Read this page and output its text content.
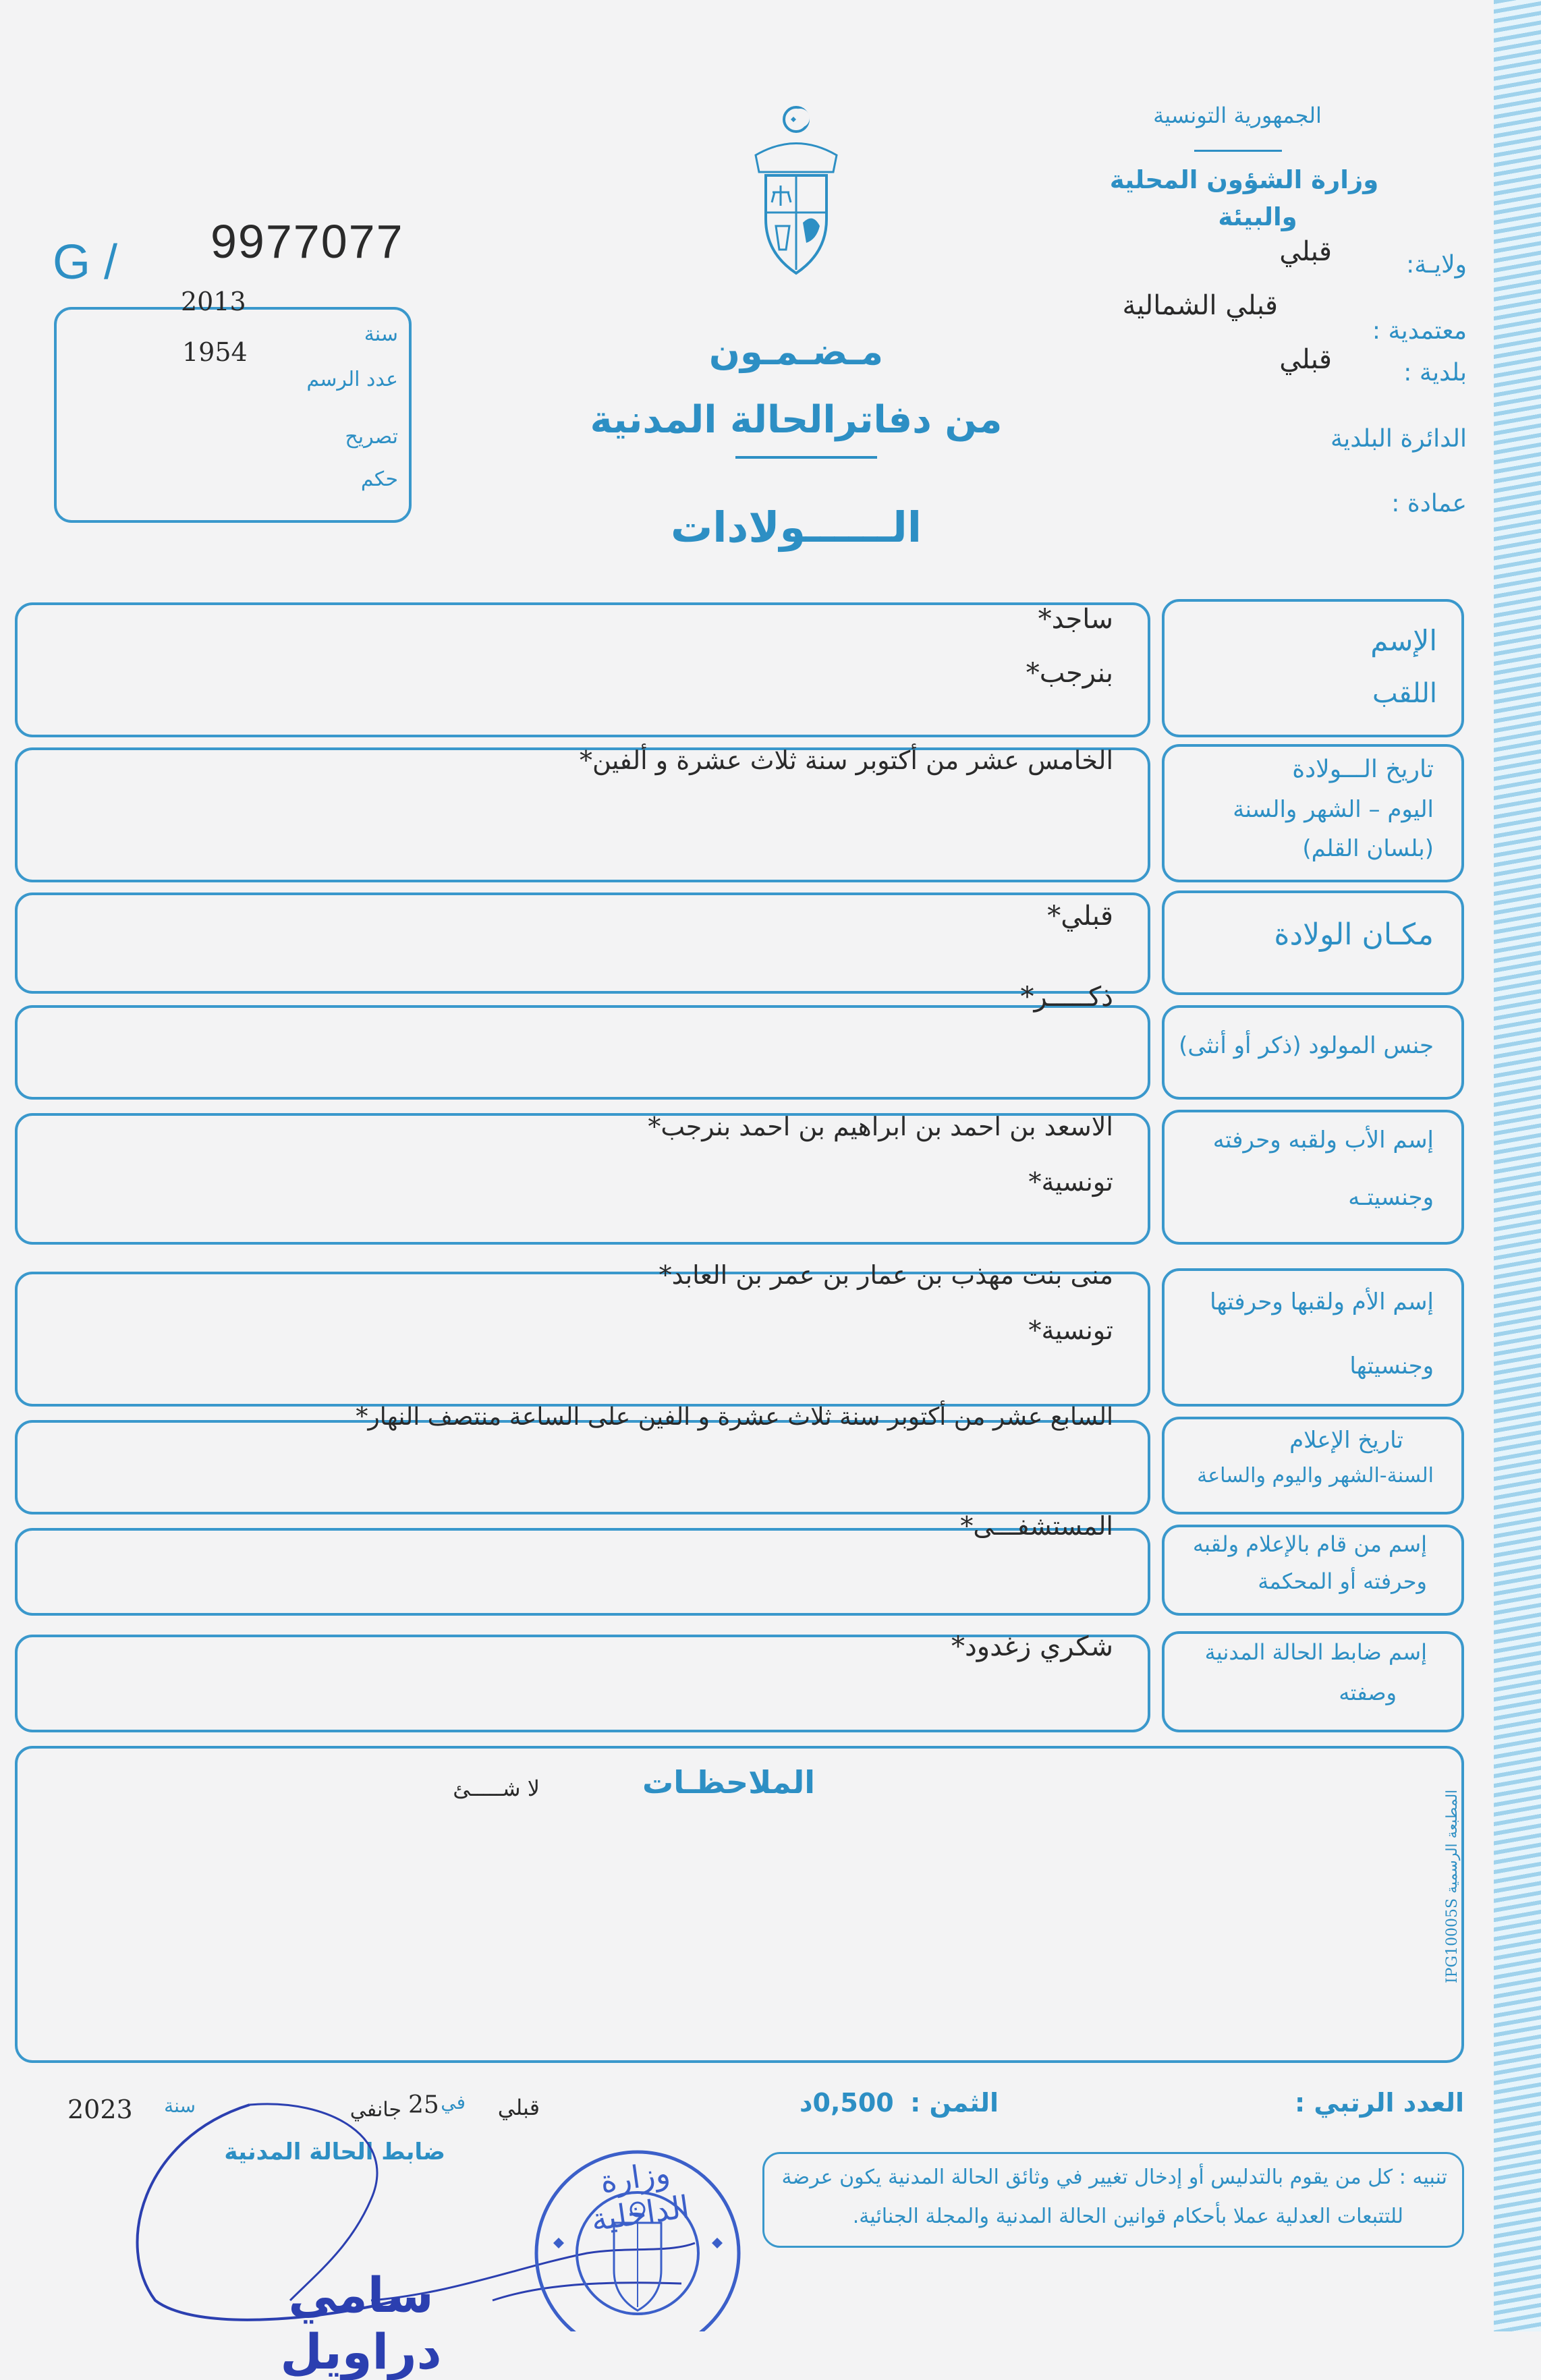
الجمهورية التونسية
وزارة الشؤون المحلية
والبيئة
ولايـة:
قبلي
معتمدية :
قبلي الشمالية
بلدية :
قبلي
الدائرة البلدية
عمادة :
G / 9977077
سنة
2013
عدد الرسم
1954
تصريح
حكم
مـضـمـون
من دفاترالحالة المدنية
الــــــولادات
الإسم
اللقب
ساجد*
بنرجب*
تاريخ الـــولادة
اليوم – الشهر والسنة
(بلسان القلم)
الخامس عشر من أكتوبر سنة ثلاث عشرة و ألفين*
مكـان الولادة
قبلي*
جنس المولود (ذكر أو أنثى)
ذكـــــر*
إسم الأب ولقبه وحرفته
وجنسيتـه
الاسعد بن احمد بن ابراهيم بن احمد بنرجب*
تونسية*
إسم الأم ولقبها وحرفتها
وجنسيتها
منى بنت مهذب بن عمار بن عمر بن العابد*
تونسية*
تاريخ الإعلام
السنة-الشهر واليوم والساعة
السابع عشر من أكتوبر سنة ثلاث عشرة و الفين على الساعة منتصف النهار*
إسم من قام بالإعلام ولقبه
وحرفته أو المحكمة
المستشفـــى*
إسم ضابط الحالة المدنية
وصفته
شكري زغدود*
الملاحظـات
لا شـــــئ
المطبعة الرسمية IPG10005S
العدد الرتبي :
الثمن :
0,500د
قبلي
في
25
جانفي
سنة
2023
ضابط الحالة المدنية
سامي دراويل
وزارة الداخلية
تنبيه : كل من يقوم بالتدليس أو إدخال تغيير في وثائق الحالة المدنية يكون عرضة
للتتبعات العدلية عملا بأحكام قوانين الحالة المدنية والمجلة الجنائية.
